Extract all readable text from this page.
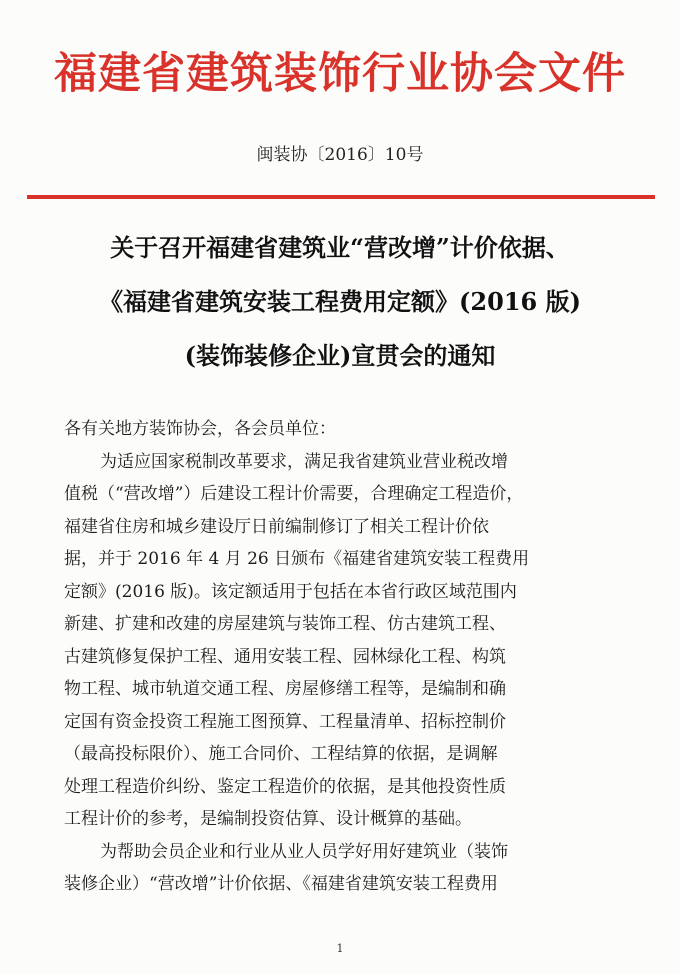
福建省建筑装饰行业协会文件
闽装协〔2016〕10号
关于召开福建省建筑业“营改增”计价依据、
《福建省建筑安装工程费用定额》(2016 版)
(装饰装修企业)宣贯会的通知
各有关地方装饰协会，各会员单位：
为适应国家税制改革要求，满足我省建筑业营业税改增
值税（“营改增”）后建设工程计价需要，合理确定工程造价，
福建省住房和城乡建设厅日前编制修订了相关工程计价依
据，并于 2016 年 4 月 26 日颁布《福建省建筑安装工程费用
定额》(2016 版)。该定额适用于包括在本省行政区域范围内
新建、扩建和改建的房屋建筑与装饰工程、仿古建筑工程、
古建筑修复保护工程、通用安装工程、园林绿化工程、构筑
物工程、城市轨道交通工程、房屋修缮工程等，是编制和确
定国有资金投资工程施工图预算、工程量清单、招标控制价
（最高投标限价）、施工合同价、工程结算的依据，是调解
处理工程造价纠纷、鉴定工程造价的依据，是其他投资性质
工程计价的参考，是编制投资估算、设计概算的基础。
为帮助会员企业和行业从业人员学好用好建筑业（装饰
装修企业）“营改增”计价依据、《福建省建筑安装工程费用
1
